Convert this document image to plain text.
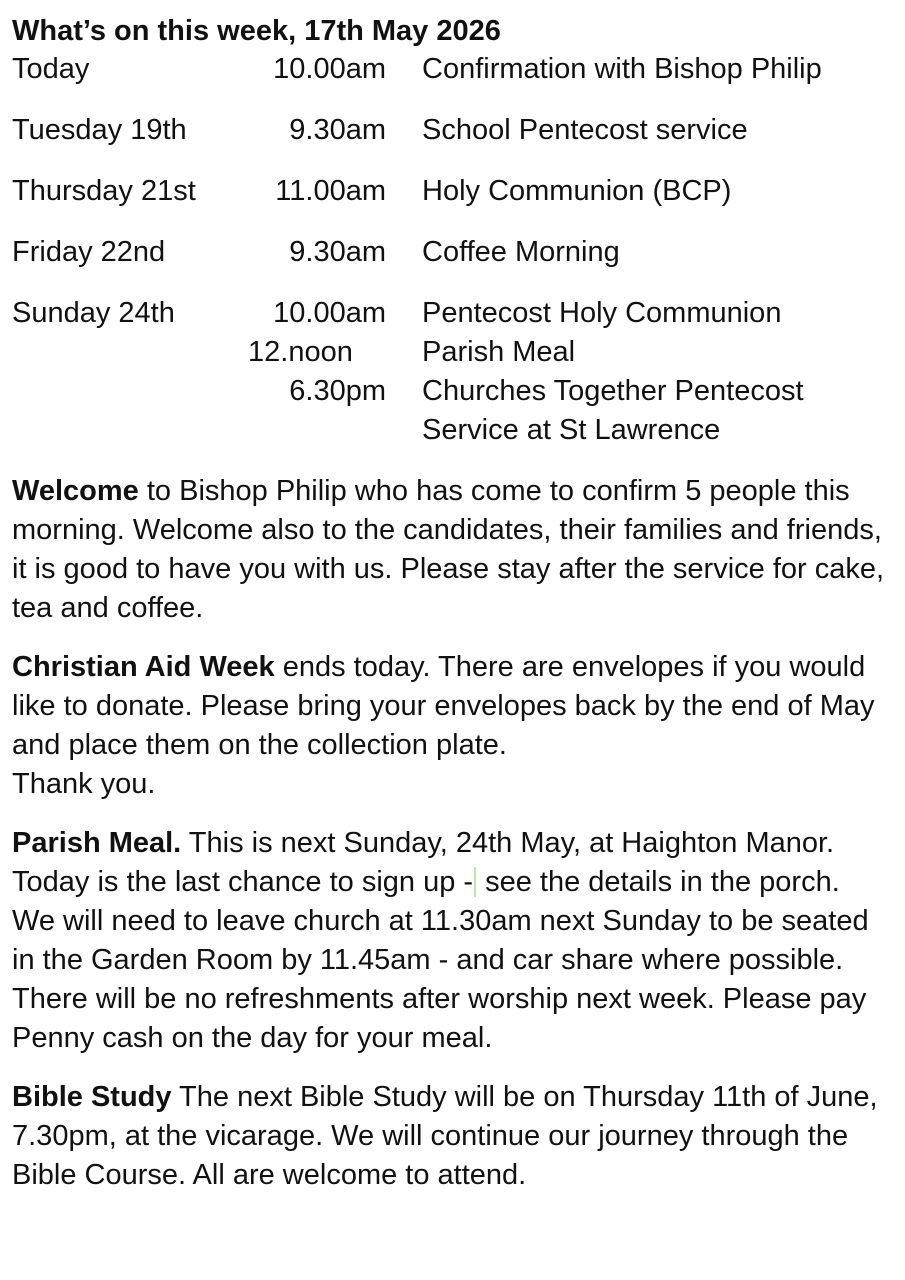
What’s on this week, 17th May 2026
Today	10.00am	Confirmation with Bishop Philip
Tuesday 19th	9.30am	School Pentecost service
Thursday 21st	11.00am	Holy Communion (BCP)
Friday 22nd	9.30am	Coffee Morning
Sunday 24th	10.00am	Pentecost Holy Communion
12.noon	Parish Meal
6.30pm	Churches Together Pentecost Service at St Lawrence

Welcome to Bishop Philip who has come to confirm 5 people this morning. Welcome also to the candidates, their families and friends, it is good to have you with us. Please stay after the service for cake, tea and coffee.

Christian Aid Week ends today. There are envelopes if you would like to donate. Please bring your envelopes back by the end of May and place them on the collection plate.
Thank you.

Parish Meal. This is next Sunday, 24th May, at Haighton Manor. Today is the last chance to sign up - see the details in the porch. We will need to leave church at 11.30am next Sunday to be seated in the Garden Room by 11.45am - and car share where possible. There will be no refreshments after worship next week. Please pay Penny cash on the day for your meal.

Bible Study The next Bible Study will be on Thursday 11th of June, 7.30pm, at the vicarage. We will continue our journey through the Bible Course. All are welcome to attend.
